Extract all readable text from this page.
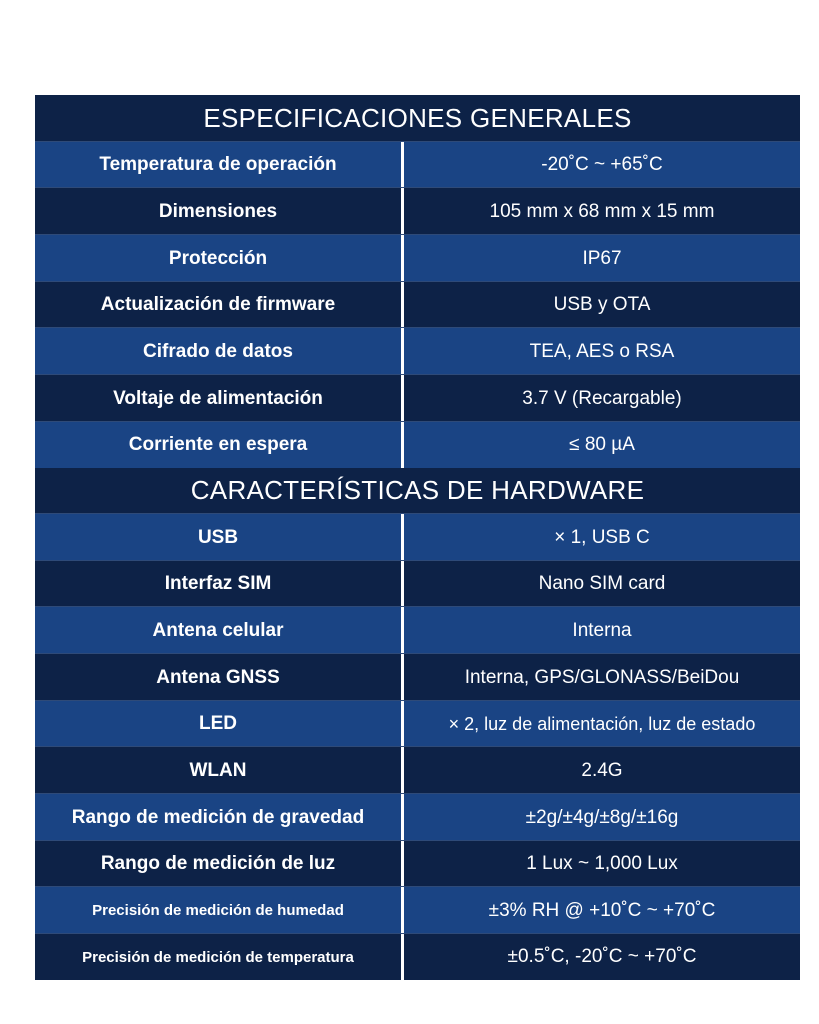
ESPECIFICACIONES GENERALES
Temperatura de operación	-20˚C ~ +65˚C
Dimensiones	105 mm x 68 mm x 15 mm
Protección	IP67
Actualización de firmware	USB y OTA
Cifrado de datos	TEA, AES o RSA
Voltaje de alimentación	3.7 V (Recargable)
Corriente en espera	≤ 80 µA
CARACTERÍSTICAS DE HARDWARE
USB	× 1, USB C
Interfaz SIM	Nano SIM card
Antena celular	Interna
Antena GNSS	Interna, GPS/GLONASS/BeiDou
LED	× 2, luz de alimentación, luz de estado
WLAN	2.4G
Rango de medición de gravedad	±2g/±4g/±8g/±16g
Rango de medición de luz	1 Lux ~ 1,000 Lux
Precisión de medición de humedad	±3% RH @ +10˚C ~ +70˚C
Precisión de medición de temperatura	±0.5˚C, -20˚C ~ +70˚C
